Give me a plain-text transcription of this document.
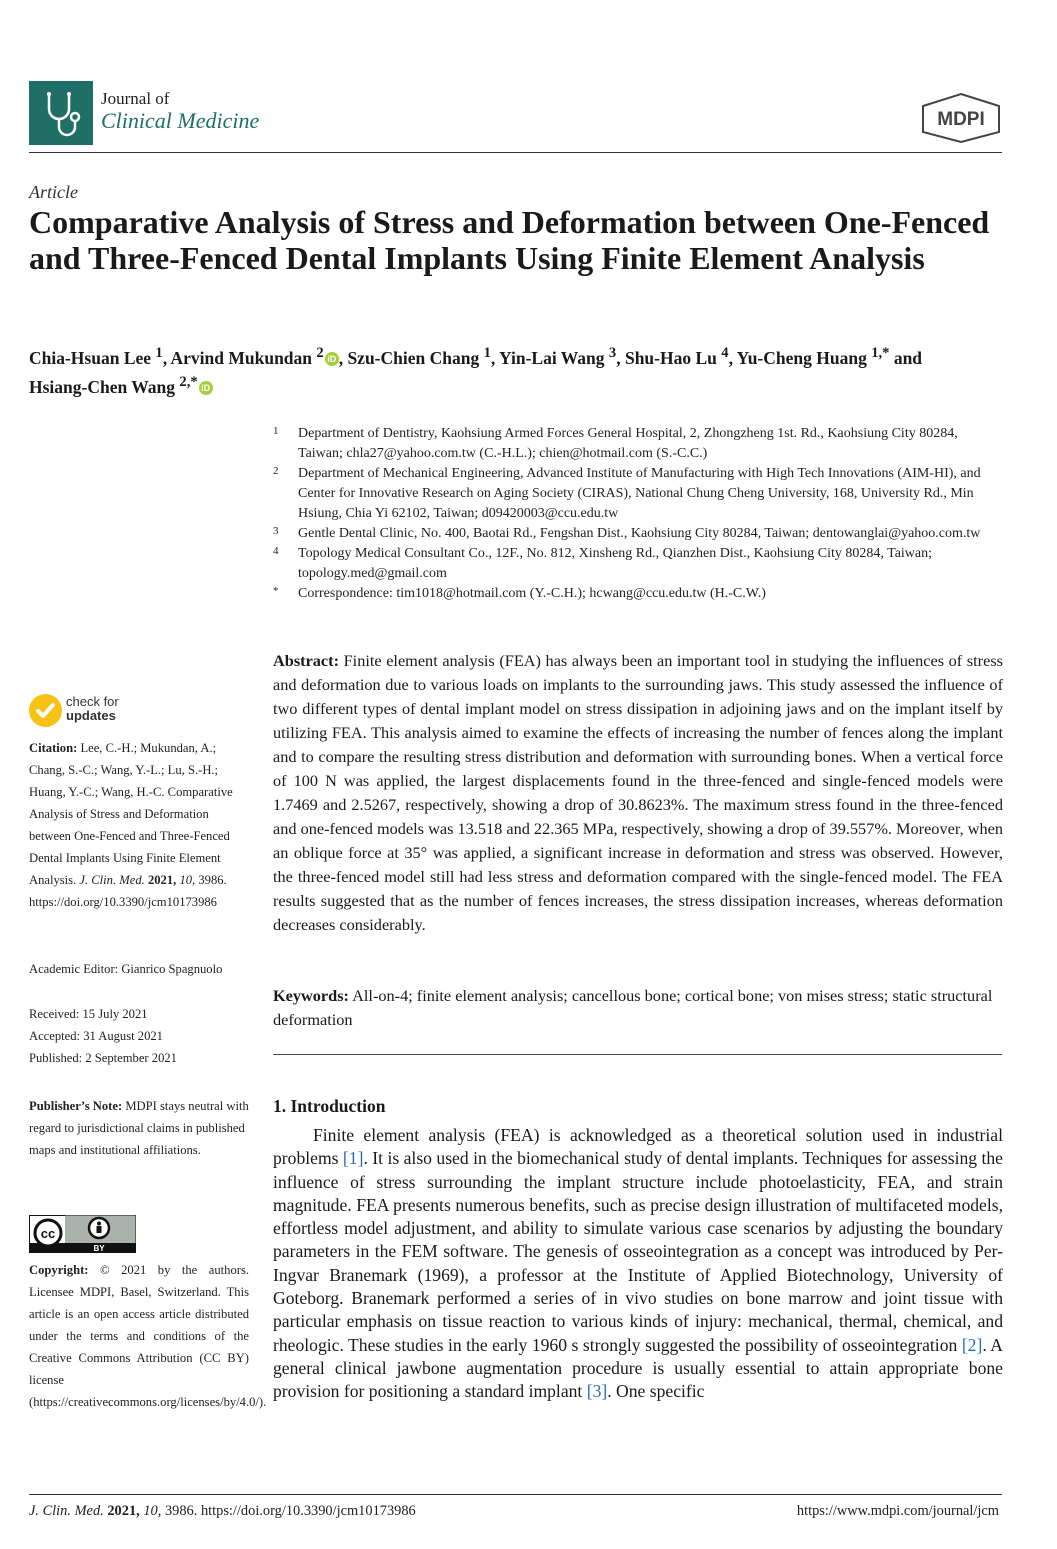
Journal of
Clinical Medicine	MDPI
Article
Comparative Analysis of Stress and Deformation between One-Fenced and Three-Fenced Dental Implants Using Finite Element Analysis
Chia-Hsuan Lee $^1$, Arvind Mukundan $^2$ iD , Szu-Chien Chang $^1$, Yin-Lai Wang $^3$, Shu-Hao Lu $^4$, Yu-Cheng Huang $^{1,*}$ and Hsiang-Chen Wang $^{2,*}$ iD
1 Department of Dentistry, Kaohsiung Armed Forces General Hospital, 2, Zhongzheng 1st. Rd., Kaohsiung City 80284, Taiwan; chla27@yahoo.com.tw (C.-H.L.); chien@hotmail.com (S.-C.C.)
2 Department of Mechanical Engineering, Advanced Institute of Manufacturing with High Tech Innovations (AIM-HI), and Center for Innovative Research on Aging Society (CIRAS), National Chung Cheng University, 168, University Rd., Min Hsiung, Chia Yi 62102, Taiwan; d09420003@ccu.edu.tw
3 Gentle Dental Clinic, No. 400, Baotai Rd., Fengshan Dist., Kaohsiung City 80284, Taiwan; dentowanglai@yahoo.com.tw
4 Topology Medical Consultant Co., 12F., No. 812, Xinsheng Rd., Qianzhen Dist., Kaohsiung City 80284, Taiwan; topology.med@gmail.com
* Correspondence: tim1018@hotmail.com (Y.-C.H.); hcwang@ccu.edu.tw (H.-C.W.)
check for
updates
Citation: Lee, C.-H.; Mukundan, A.; Chang, S.-C.; Wang, Y.-L.; Lu, S.-H.; Huang, Y.-C.; Wang, H.-C. Comparative Analysis of Stress and Deformation between One-Fenced and Three-Fenced Dental Implants Using Finite Element Analysis. J. Clin. Med. 2021, 10, 3986. https://doi.org/10.3390/jcm10173986
Academic Editor: Gianrico Spagnuolo
Received: 15 July 2021
Accepted: 31 August 2021
Published: 2 September 2021
Publisher’s Note: MDPI stays neutral with regard to jurisdictional claims in published maps and institutional affiliations.
cc
BY
Copyright: © 2021 by the authors. Licensee MDPI, Basel, Switzerland. This article is an open access article distributed under the terms and conditions of the Creative Commons Attribution (CC BY) license (https://creativecommons.org/licenses/by/4.0/).
Abstract: Finite element analysis (FEA) has always been an important tool in studying the influences of stress and deformation due to various loads on implants to the surrounding jaws. This study assessed the influence of two different types of dental implant model on stress dissipation in adjoining jaws and on the implant itself by utilizing FEA. This analysis aimed to examine the effects of increasing the number of fences along the implant and to compare the resulting stress distribution and deformation with surrounding bones. When a vertical force of 100 N was applied, the largest displacements found in the three-fenced and single-fenced models were 1.7469 and 2.5267, respectively, showing a drop of 30.8623%. The maximum stress found in the three-fenced and one-fenced models was 13.518 and 22.365 MPa, respectively, showing a drop of 39.557%. Moreover, when an oblique force at 35° was applied, a significant increase in deformation and stress was observed. However, the three-fenced model still had less stress and deformation compared with the single-fenced model. The FEA results suggested that as the number of fences increases, the stress dissipation increases, whereas deformation decreases considerably.
Keywords: All-on-4; finite element analysis; cancellous bone; cortical bone; von mises stress; static structural deformation
1. Introduction

Finite element analysis (FEA) is acknowledged as a theoretical solution used in industrial problems [1]. It is also used in the biomechanical study of dental implants. Techniques for assessing the influence of stress surrounding the implant structure include photoelasticity, FEA, and strain magnitude. FEA presents numerous benefits, such as precise design illustration of multifaceted models, effortless model adjustment, and ability to simulate various case scenarios by adjusting the boundary parameters in the FEM software. The genesis of osseointegration as a concept was introduced by Per-Ingvar Branemark (1969), a professor at the Institute of Applied Biotechnology, University of Goteborg. Branemark performed a series of in vivo studies on bone marrow and joint tissue with particular emphasis on tissue reaction to various kinds of injury: mechanical, thermal, chemical, and rheologic. These studies in the early 1960 s strongly suggested the possibility of osseointegration [2]. A general clinical jawbone augmentation procedure is usually essential to attain appropriate bone provision for positioning a standard implant [3]. One specific

J. Clin. Med. 2021, 10, 3986. https://doi.org/10.3390/jcm10173986	https://www.mdpi.com/journal/jcm
